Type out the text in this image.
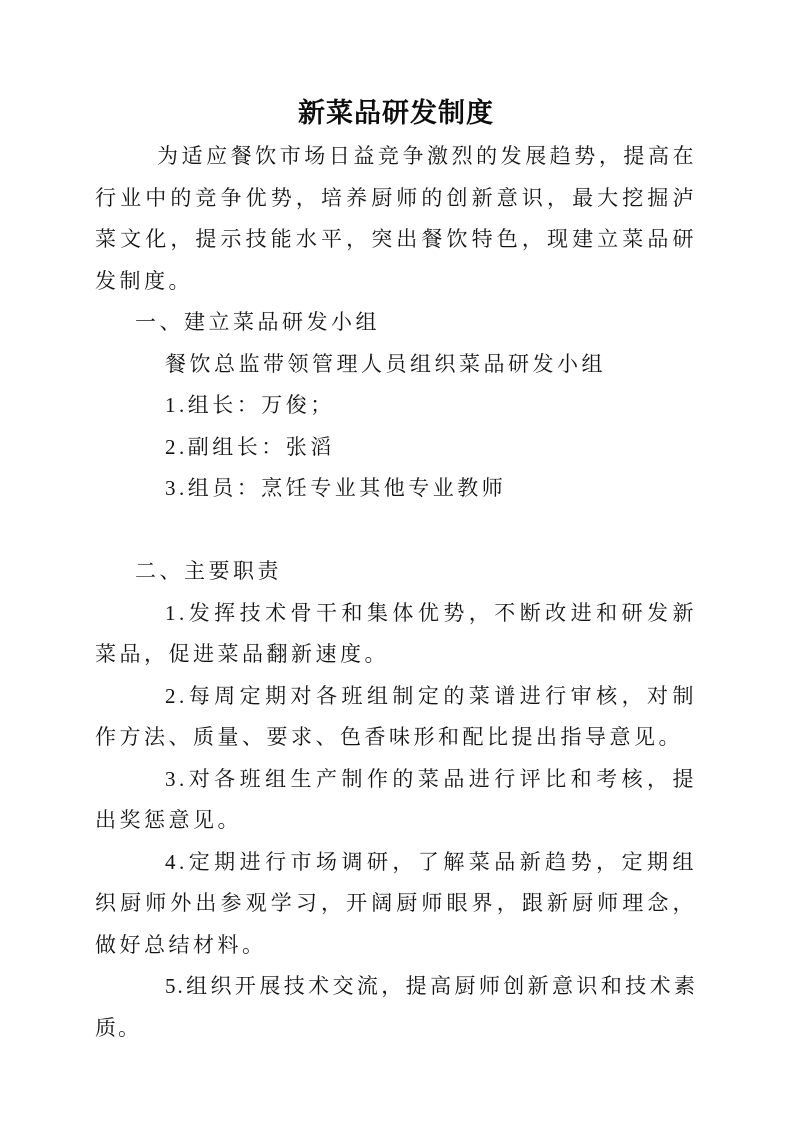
新菜品研发制度

为适应餐饮市场日益竞争激烈的发展趋势，提高在行业中的竞争优势，培养厨师的创新意识，最大挖掘泸菜文化，提示技能水平，突出餐饮特色，现建立菜品研发制度。

一、建立菜品研发小组

餐饮总监带领管理人员组织菜品研发小组

1.组长：万俊；

2.副组长：张滔

3.组员：烹饪专业其他专业教师

二、主要职责

1.发挥技术骨干和集体优势，不断改进和研发新菜品，促进菜品翻新速度。

2.每周定期对各班组制定的菜谱进行审核，对制作方法、质量、要求、色香味形和配比提出指导意见。

3.对各班组生产制作的菜品进行评比和考核，提出奖惩意见。

4.定期进行市场调研，了解菜品新趋势，定期组织厨师外出参观学习，开阔厨师眼界，跟新厨师理念，做好总结材料。

5.组织开展技术交流，提高厨师创新意识和技术素质。
